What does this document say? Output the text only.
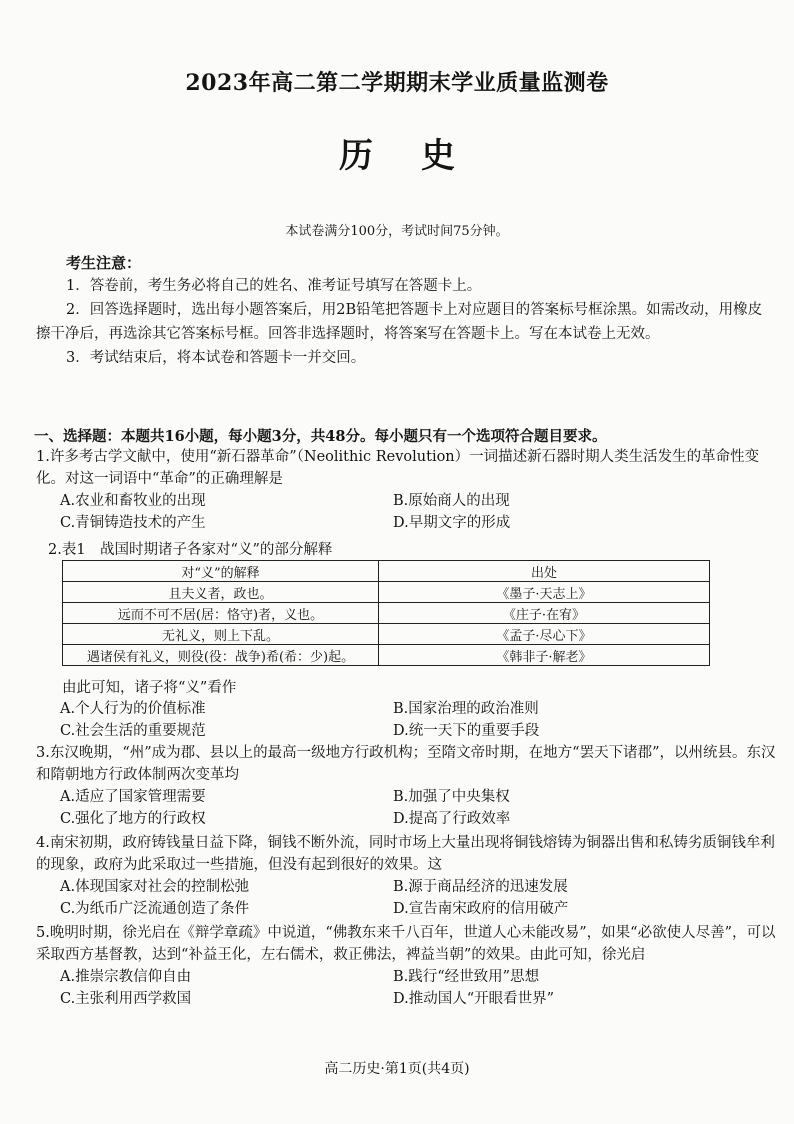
2023年高二第二学期期末学业质量监测卷
历史
本试卷满分100分，考试时间75分钟。
考生注意：

1．答卷前，考生务必将自己的姓名、准考证号填写在答题卡上。

2．回答选择题时，选出每小题答案后，用2B铅笔把答题卡上对应题目的答案标号框涂黑。如需改动，用橡皮擦干净后，再选涂其它答案标号框。回答非选择题时，将答案写在答题卡上。写在本试卷上无效。

3．考试结束后，将本试卷和答题卡一并交回。

一、选择题：本题共16小题，每小题3分，共48分。每小题只有一个选项符合题目要求。

1.许多考古学文献中，使用“新石器革命”（Neolithic Revolution）一词描述新石器时期人类生活发生的革命性变化。对这一词语中“革命”的正确理解是

A.农业和畜牧业的出现	B.原始商人的出现
C.青铜铸造技术的产生	D.早期文字的形成
2.表1　战国时期诸子各家对“义”的部分解释
对“义”的解释	出处
且夫义者，政也。	《墨子·天志上》
远而不可不居(居：恪守)者，义也。	《庄子·在宥》
无礼义，则上下乱。	《孟子·尽心下》
遇诸侯有礼义，则役(役：战争)希(希：少)起。	《韩非子·解老》
由此可知，诸子将“义”看作
A.个人行为的价值标准	B.国家治理的政治准则
C.社会生活的重要规范	D.统一天下的重要手段

3.东汉晚期，“州”成为郡、县以上的最高一级地方行政机构；至隋文帝时期，在地方“罢天下诸郡”，以州统县。东汉和隋朝地方行政体制两次变革均

A.适应了国家管理需要	B.加强了中央集权
C.强化了地方的行政权	D.提高了行政效率

4.南宋初期，政府铸钱量日益下降，铜钱不断外流，同时市场上大量出现将铜钱熔铸为铜器出售和私铸劣质铜钱牟利的现象，政府为此采取过一些措施，但没有起到很好的效果。这

A.体现国家对社会的控制松弛	B.源于商品经济的迅速发展
C.为纸币广泛流通创造了条件	D.宣告南宋政府的信用破产

5.晚明时期，徐光启在《辩学章疏》中说道，“佛教东来千八百年，世道人心未能改易”，如果“必欲使人尽善”，可以采取西方基督教，达到“补益王化，左右儒术，救正佛法，裨益当朝”的效果。由此可知，徐光启

A.推崇宗教信仰自由	B.践行“经世致用”思想
C.主张利用西学救国	D.推动国人“开眼看世界”
高二历史·第1页(共4页)
